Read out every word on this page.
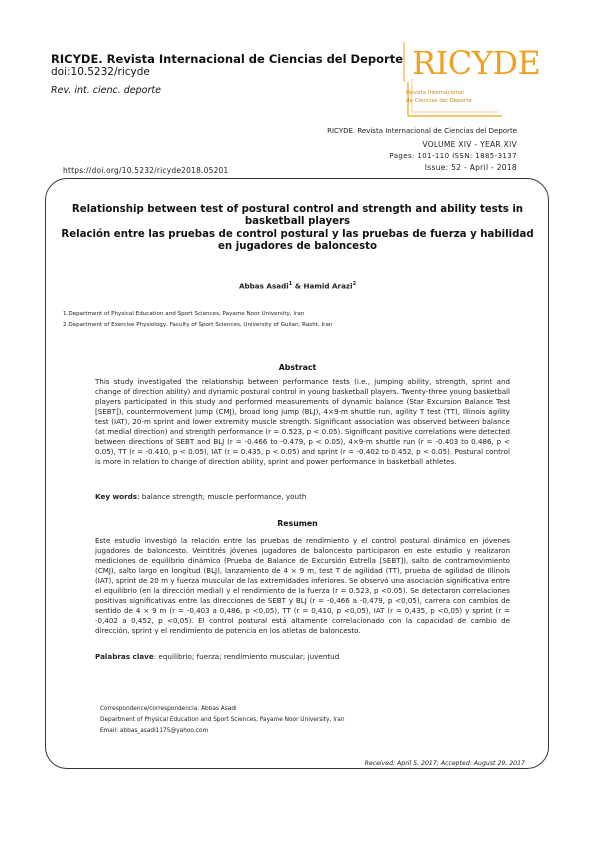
RICYDE. Revista Internacional de Ciencias del Deporte
doi:10.5232/ricyde
Rev. int. cienc. deporte
RICYDE
Revista Internacional
de Ciencias del Deporte
RICYDE. Revista Internacional de Ciencias del Deporte
VOLUME XIV - YEAR XIV
Pages: 101-110 ISSN: 1885-3137
Issue: 52 - April - 2018
https://doi.org/10.5232/ricyde2018.05201
Relationship between test of postural control and strength and ability tests in basketball players
Relación entre las pruebas de control postural y las pruebas de fuerza y habilidad en jugadores de baloncesto
Abbas Asadi$^1$ & Hamid Arazi$^2$
1.Department of Physical Education and Sport Sciences, Payame Noor University, Iran
2.Department of Exercise Physiology, Faculty of Sport Sciences, University of Guilan, Rasht, Iran
Abstract
This study investigated the relationship between performance tests (i.e., jumping ability, strength, sprint and change of direction ability) and dynamic postural control in young basketball players. Twenty-three young basketball players participated in this study and performed measurements of dynamic balance (Star Excursion Balance Test [SEBT]), countermovement jump (CMJ), broad long jump (BLJ), 4×9-m shuttle run, agility T test (TT), Illinois agility test (IAT), 20-m sprint and lower extremity muscle strength. Significant association was observed between balance (at medial direction) and strength performance (r = 0.523, p < 0.05). Significant positive correlations were detected between directions of SEBT and BLJ (r = -0.466 to -0.479, p < 0.05), 4×9-m shuttle run (r = -0.403 to 0.486, p < 0.05), TT (r = -0.410, p < 0.05), IAT (r = 0.435, p < 0.05) and sprint (r = -0.402 to 0.452, p < 0.05). Postural control is more in relation to change of direction ability, sprint and power performance in basketball athletes.
Key words: balance strength; muscle performance, youth
Resumen
Este estudio investigó la relación entre las pruebas de rendimiento y el control postural dinámico en jóvenes jugadores de baloncesto. Veintitrés jóvenes jugadores de baloncesto participaron en este estudio y realizaron mediciones de equilibrio dinámico (Prueba de Balance de Excursión Estrella [SEBT]), salto de contramovimiento (CMJ), salto largo en longitud (BLJ), lanzamiento de 4 × 9 m, test T de agilidad (TT), prueba de agilidad de Illinois (IAT), sprint de 20 m y fuerza muscular de las extremidades inferiores. Se observó una asociación significativa entre el equilibrio (en la dirección medial) y el rendimiento de la fuerza (r = 0.523, p <0.05). Se detectaron correlaciones positivas significativas entre las direcciones de SEBT y BLJ (r = -0,466 a -0,479, p <0,05), carrera con cambios de sentido de 4 × 9 m (r = -0,403 a 0,486, p <0,05), TT (r = 0,410, p <0,05), IAT (r = 0,435, p <0,05) y sprint (r = -0,402 a 0,452, p <0,05). El control postural está altamente correlacionado con la capacidad de cambio de dirección, sprint y el rendimiento de potencia en los atletas de baloncesto.
Palabras clave: equilibrio; fuerza; rendimiento muscular; juventud
Correspondence/correspondencia: Abbas Asadi
Department of Physical Education and Sport Sciences, Payame Noor University, Iran
Email: abbas_asadi1175@yahoo.com
Received: April 5, 2017; Accepted: August 29, 2017
